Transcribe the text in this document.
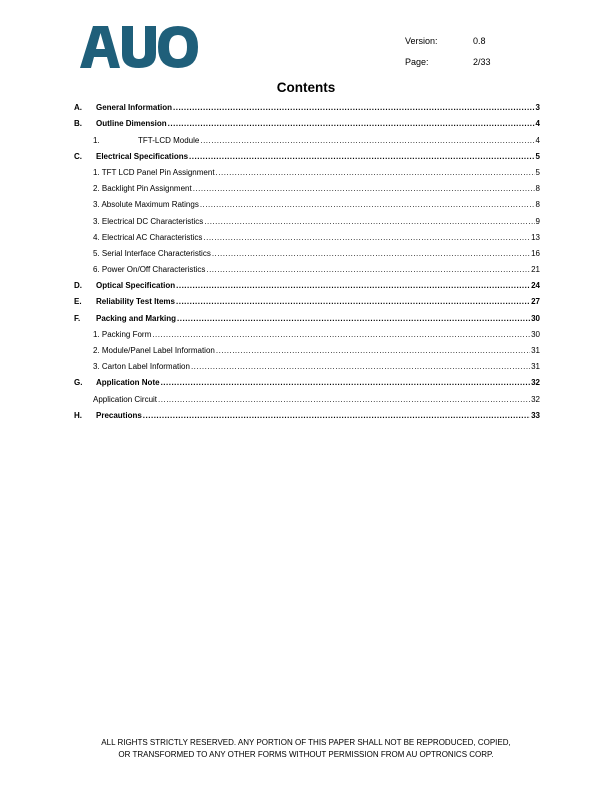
Version:	0.8
Page:	2/33
Contents
A.	General Information .....	3
B.	Outline Dimension .....	4
1.	TFT-LCD Module .....	4
C.	Electrical Specifications .....	5
1. TFT LCD Panel Pin Assignment .....	5
2. Backlight Pin Assignment .....	8
3. Absolute Maximum Ratings .....	8
3. Electrical DC Characteristics .....	9
4. Electrical AC Characteristics .....	13
5. Serial Interface Characteristics .....	16
6. Power On/Off Characteristics .....	21
D.	Optical Specification .....	24
E.	Reliability Test Items .....	27
F.	Packing and Marking .....	30
1. Packing Form .....	30
2. Module/Panel Label Information .....	31
3. Carton Label Information .....	31
G.	Application Note .....	32
Application Circuit .....	32
H.	Precautions .....	33
ALL RIGHTS STRICTLY RESERVED. ANY PORTION OF THIS PAPER SHALL NOT BE REPRODUCED, COPIED,
OR TRANSFORMED TO ANY OTHER FORMS WITHOUT PERMISSION FROM AU OPTRONICS CORP.
